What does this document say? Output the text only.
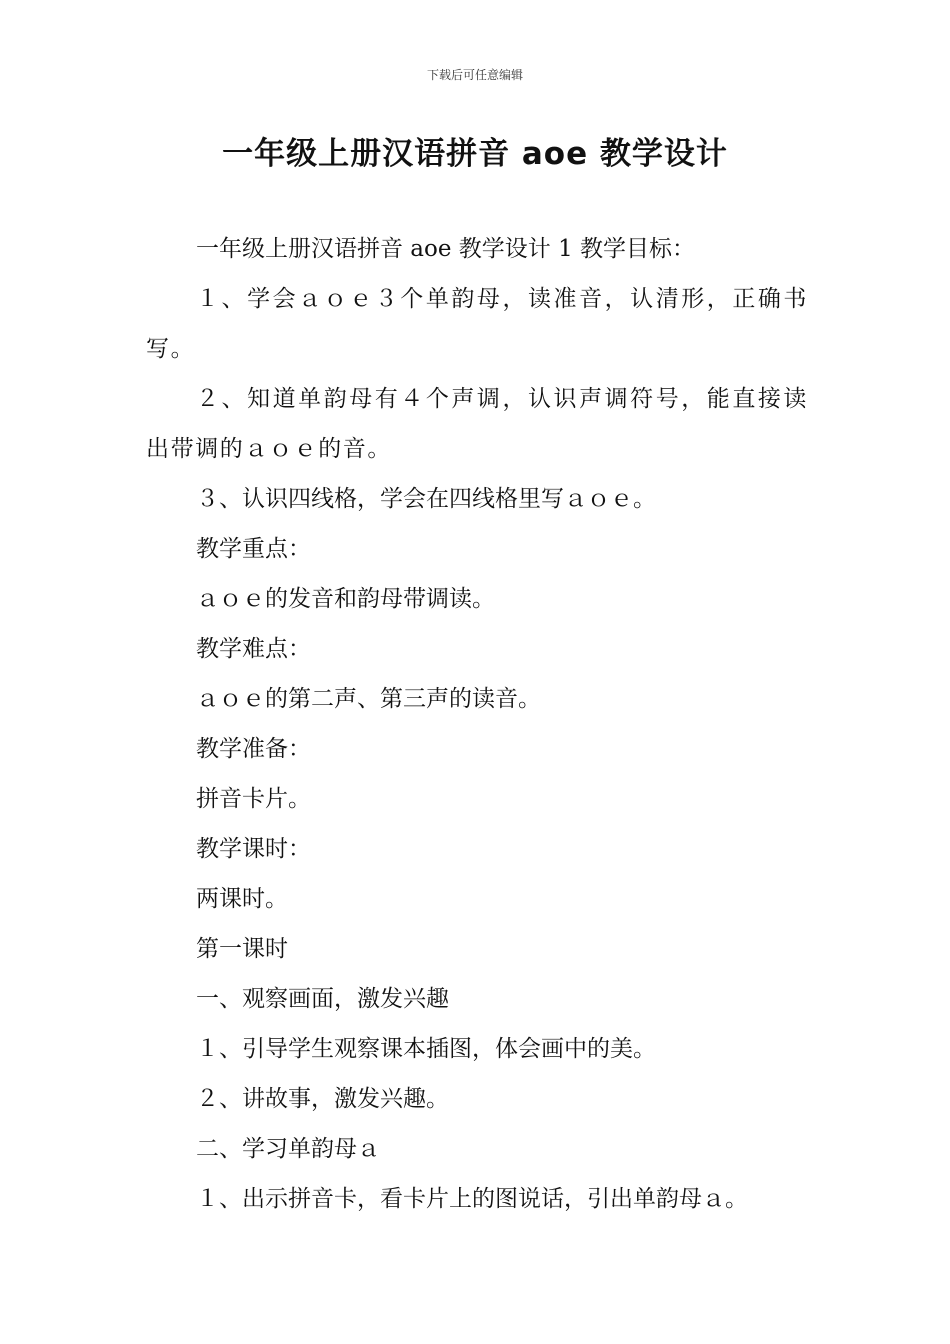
下载后可任意编辑
一年级上册汉语拼音 aoe 教学设计

一年级上册汉语拼音 aoe 教学设计 1 教学目标：

１、学会ａｏｅ３个单韵母，读准音，认清形，正确书写。

２、知道单韵母有４个声调，认识声调符号，能直接读出带调的ａｏｅ的音。

３、认识四线格，学会在四线格里写ａｏｅ。

教学重点：

ａｏｅ的发音和韵母带调读。

教学难点：

ａｏｅ的第二声、第三声的读音。

教学准备：

拼音卡片。

教学课时：

两课时。

第一课时

一、观察画面，激发兴趣

１、引导学生观察课本插图，体会画中的美。

２、讲故事，激发兴趣。

二、学习单韵母ａ

１、出示拼音卡，看卡片上的图说话，引出单韵母ａ。
